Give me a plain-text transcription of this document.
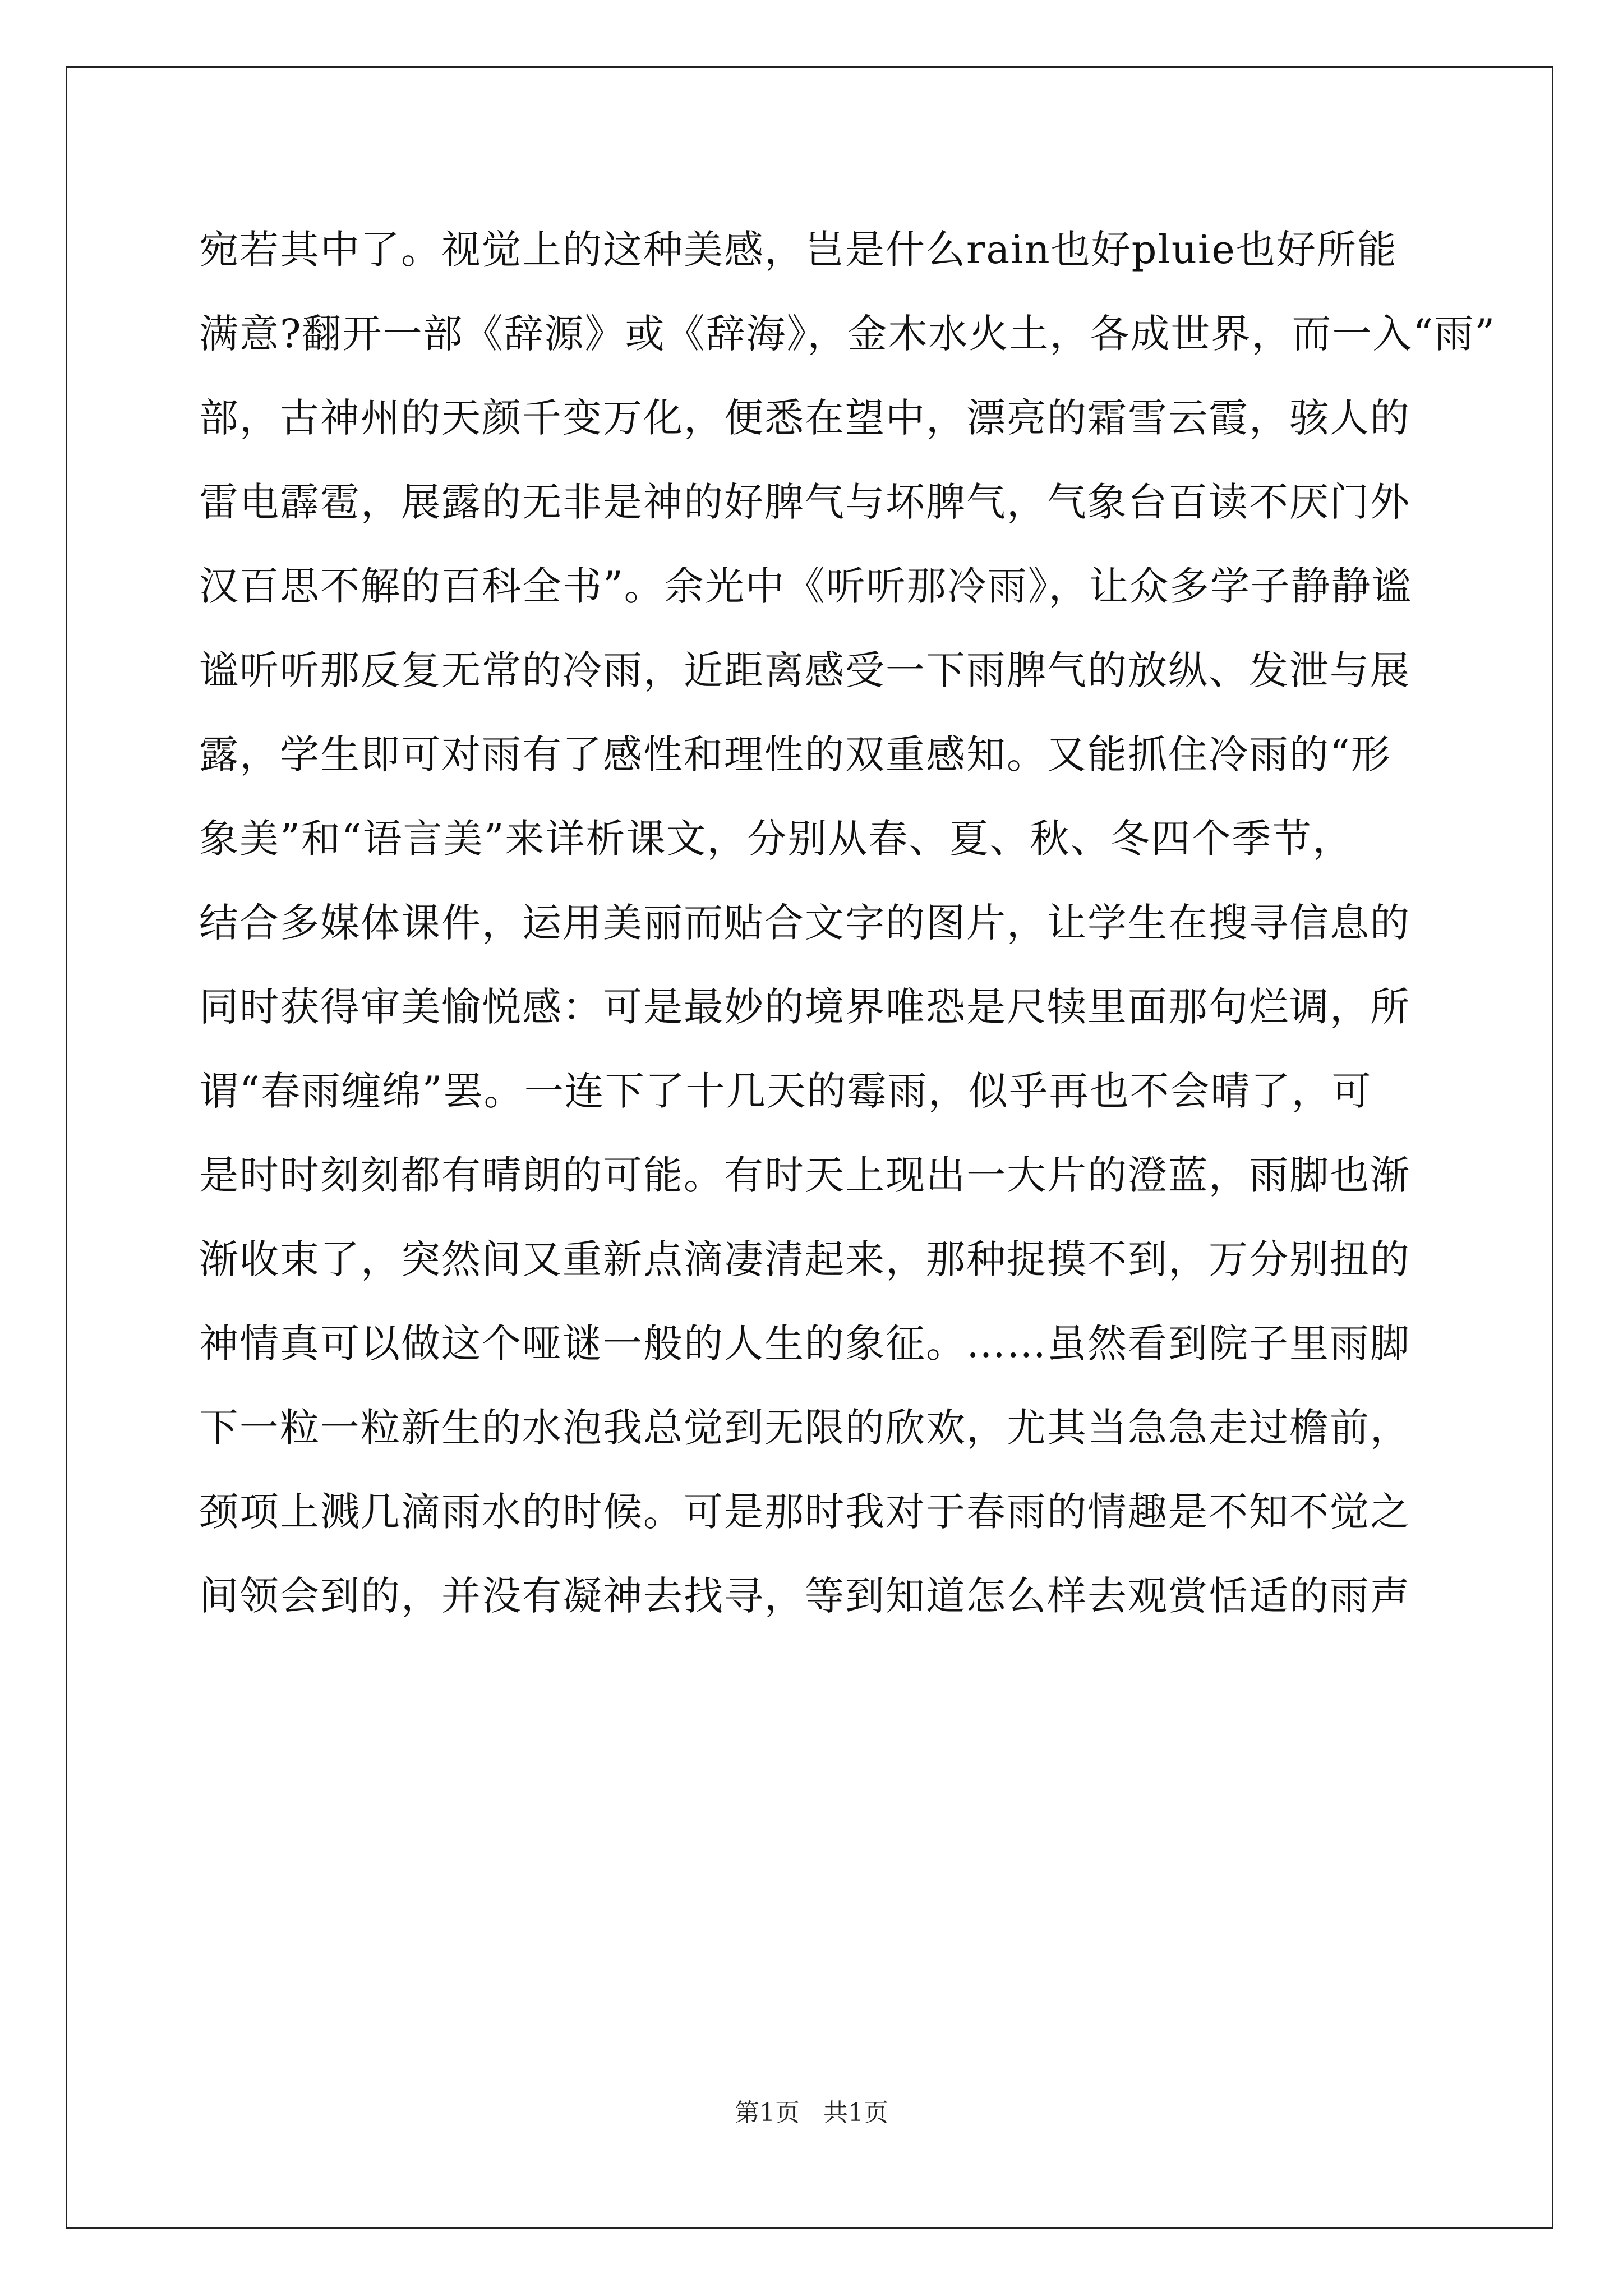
宛若其中了。视觉上的这种美感，岂是什么rain也好pluie也好所能
满意?翻开一部《辞源》或《辞海》，金木水火土，各成世界，而一入“雨”
部，古神州的天颜千变万化，便悉在望中，漂亮的霜雪云霞，骇人的
雷电霹雹，展露的无非是神的好脾气与坏脾气，气象台百读不厌门外
汉百思不解的百科全书”。余光中《听听那冷雨》，让众多学子静静谧
谧听听那反复无常的冷雨，近距离感受一下雨脾气的放纵、发泄与展
露，学生即可对雨有了感性和理性的双重感知。又能抓住冷雨的“形
象美”和“语言美”来详析课文，分别从春、夏、秋、冬四个季节，
结合多媒体课件，运用美丽而贴合文字的图片，让学生在搜寻信息的
同时获得审美愉悦感：可是最妙的境界唯恐是尺犊里面那句烂调，所
谓“春雨缠绵”罢。一连下了十几天的霉雨，似乎再也不会晴了，可
是时时刻刻都有晴朗的可能。有时天上现出一大片的澄蓝，雨脚也渐
渐收束了，突然间又重新点滴凄清起来，那种捉摸不到，万分别扭的
神情真可以做这个哑谜一般的人生的象征。……虽然看到院子里雨脚
下一粒一粒新生的水泡我总觉到无限的欣欢，尤其当急急走过檐前，
颈项上溅几滴雨水的时候。可是那时我对于春雨的情趣是不知不觉之
间领会到的，并没有凝神去找寻，等到知道怎么样去观赏恬适的雨声
第1页   共1页
